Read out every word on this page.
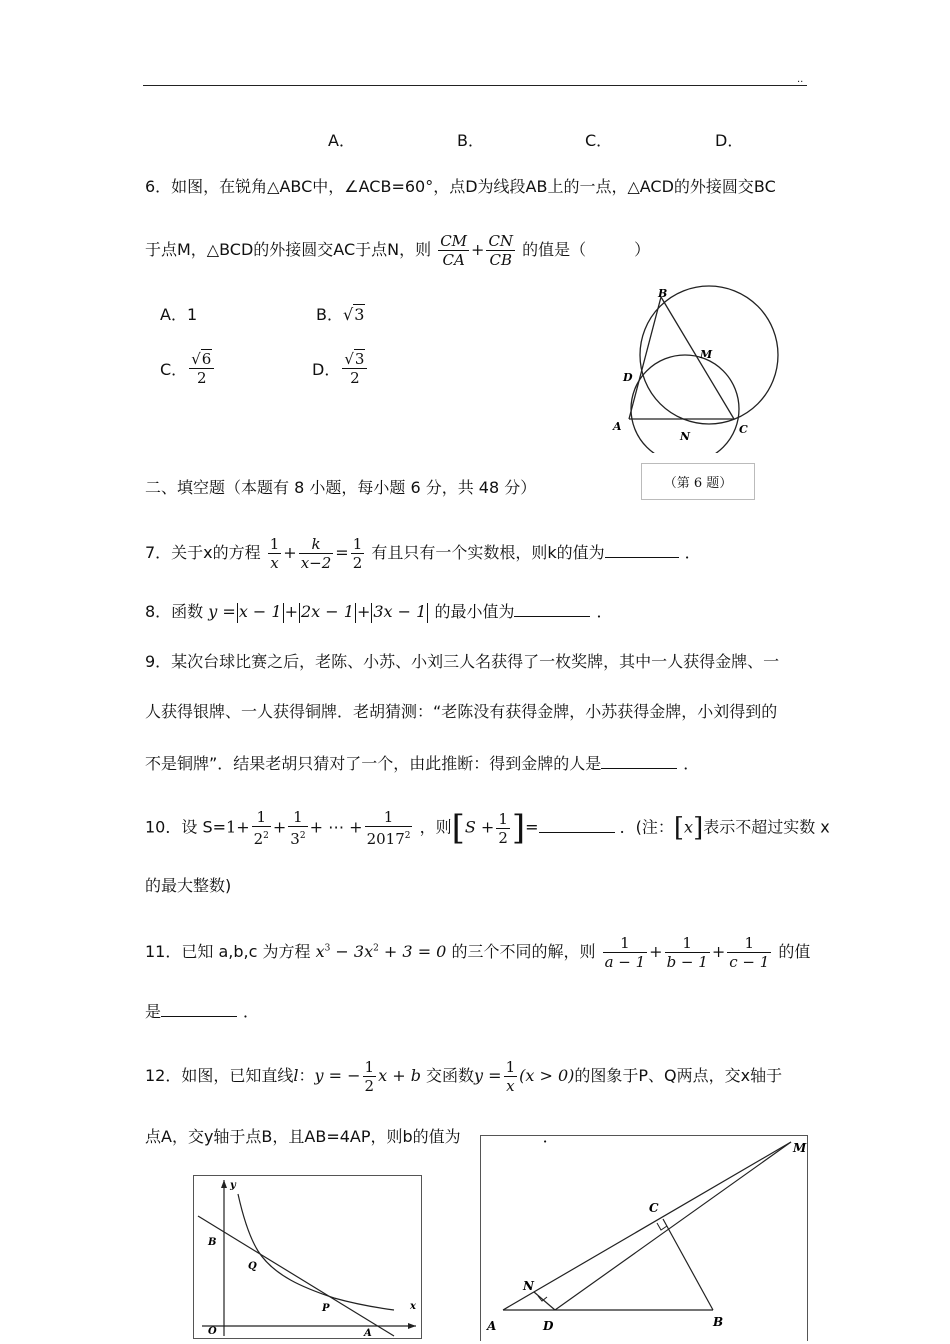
..
A．	B．	C．	D．
6．如图，在锐角△ABC中，∠ACB=60°，点D为线段AB上的一点，△ACD的外接圆交BC
于点M，△BCD的外接圆交AC于点N，则 $\frac{CM}{CA} + \frac{CN}{CB}$ 的值是（　　　）
A．1	B．√3
C． $\frac{√6}{2}$	D． $\frac{√3}{2}$
B
M
D
A
N
C
（第 6 题）
二、填空题（本题有 8 小题，每小题 6 分，共 48 分）
7．关于x的方程 $\frac{1}{x} + \frac{k}{x-2} = \frac{1}{2}$ 有且只有一个实数根，则k的值为	．
8．函数 y = x − 1 + 2x − 1 + 3x − 1 的最小值为	．
9．某次台球比赛之后，老陈、小苏、小刘三人名获得了一枚奖牌，其中一人获得金牌、一
人获得银牌、一人获得铜牌．老胡猜测：“老陈没有获得金牌，小苏获得金牌，小刘得到的
不是铜牌”．结果老胡只猜对了一个，由此推断：得到金牌的人是	．
10．设 $S=1+ \frac{1}{2^2} + \frac{1}{3^2}$ + ⋯ + $\frac{1}{2017^2}$ ，则[$S + \frac{1}{2}$ ]=	．(注：[x]表示不超过实数 x
的最大整数)
11．已知 a,b,c 为方程 $x^3 - 3x^2 + 3 = 0$ 的三个不同的解，则 $\frac{1}{a - 1} + \frac{1}{b - 1} + \frac{1}{c - 1}$ 的值
是	．
12．如图，已知直线l：y = − $\frac{1}{2}$ x + b 交函数$y = \frac{1}{x} (x > 0)$的图象于P、Q两点，交x轴于
点A，交y轴于点B，且AB=4AP，则b的值为	．
y
x
B
Q
P
O	A
M
C
N
A	D	B
